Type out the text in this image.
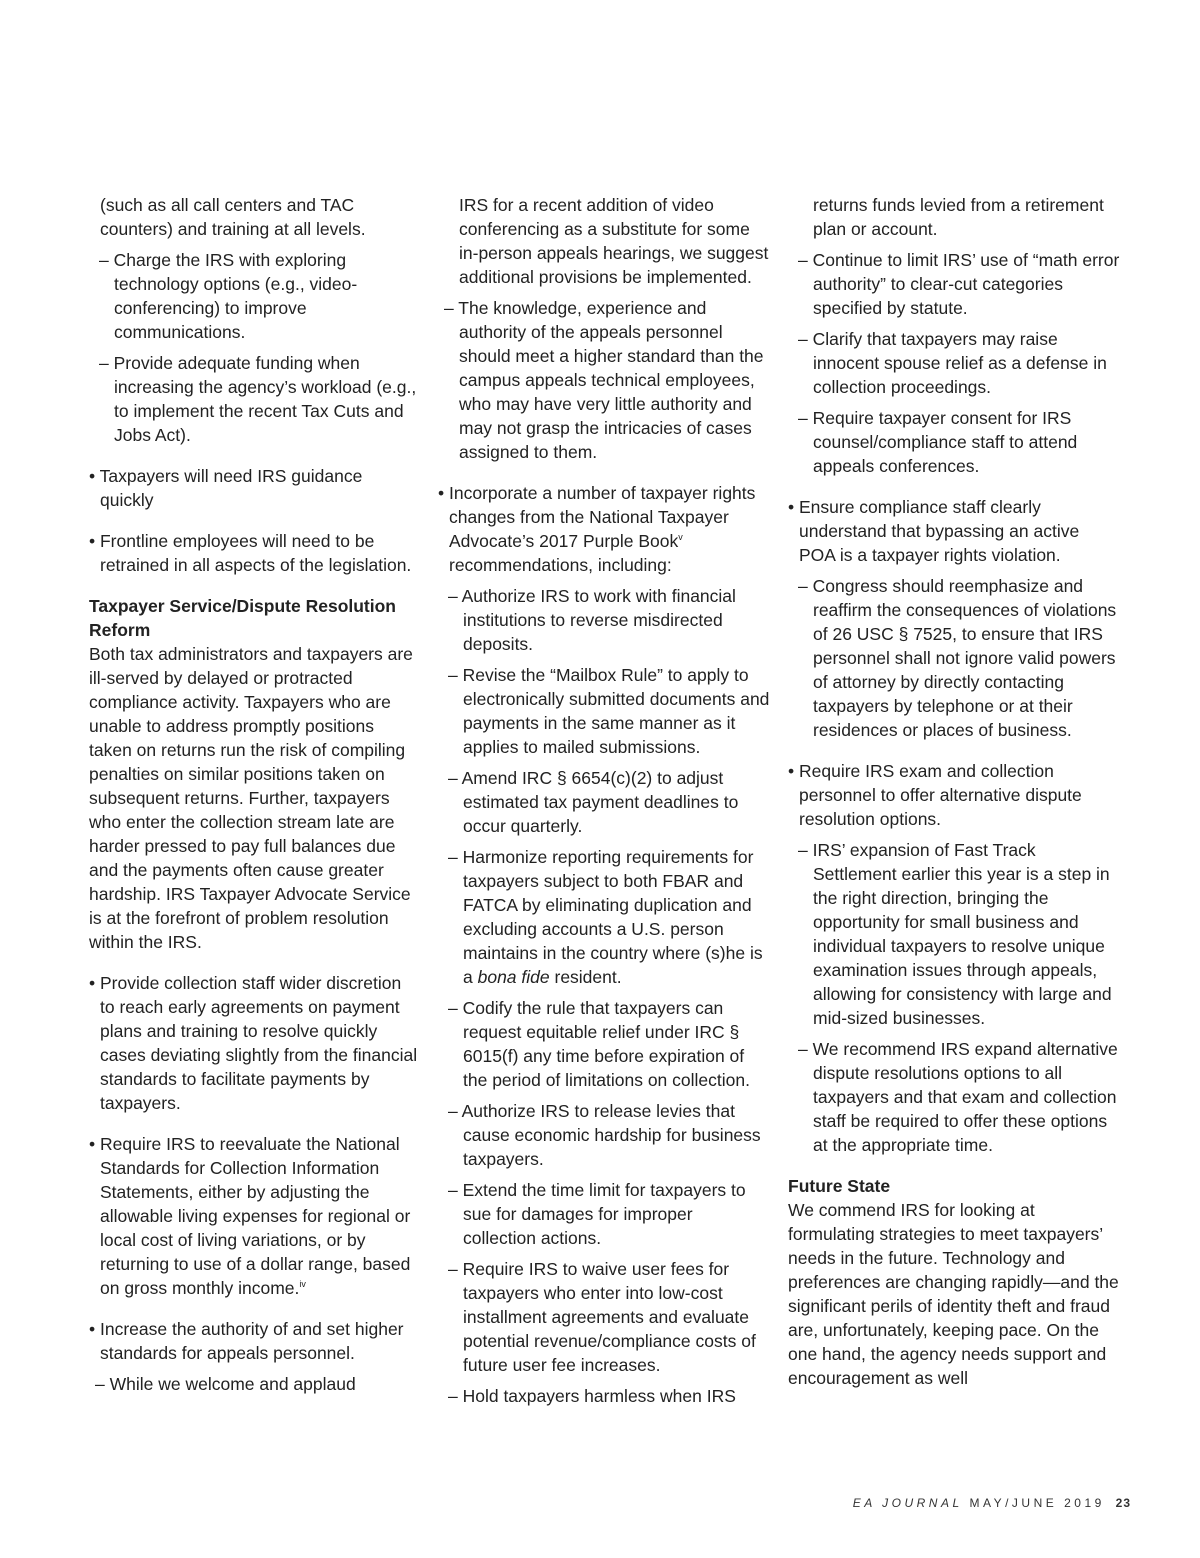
(such as all call centers and TAC counters) and training at all levels.

– Charge the IRS with exploring technology options (e.g., video-conferencing) to improve communications.

– Provide adequate funding when increasing the agency’s workload (e.g., to implement the recent Tax Cuts and Jobs Act).

• Taxpayers will need IRS guidance quickly

• Frontline employees will need to be retrained in all aspects of the legislation.

Taxpayer Service/Dispute Resolution Reform

Both tax administrators and taxpayers are ill-served by delayed or protracted compliance activity. Taxpayers who are unable to address promptly positions taken on returns run the risk of compiling penalties on similar positions taken on subsequent returns. Further, taxpayers who enter the collection stream late are harder pressed to pay full balances due and the payments often cause greater hardship. IRS Taxpayer Advocate Service is at the forefront of problem resolution within the IRS.

• Provide collection staff wider discretion to reach early agreements on payment plans and training to resolve quickly cases deviating slightly from the financial standards to facilitate payments by taxpayers.

• Require IRS to reevaluate the National Standards for Collection Information Statements, either by adjusting the allowable living expenses for regional or local cost of living variations, or by returning to use of a dollar range, based on gross monthly income.$^{iv}$

• Increase the authority of and set higher standards for appeals personnel.

– While we welcome and applaud

IRS for a recent addition of video conferencing as a substitute for some in-person appeals hearings, we suggest additional provisions be implemented.

– The knowledge, experience and authority of the appeals personnel should meet a higher standard than the campus appeals technical employees, who may have very little authority and may not grasp the intricacies of cases assigned to them.

• Incorporate a number of taxpayer rights changes from the National Taxpayer Advocate’s 2017 Purple Book$^v$ recommendations, including:

– Authorize IRS to work with financial institutions to reverse misdirected deposits.

– Revise the “Mailbox Rule” to apply to electronically submitted documents and payments in the same manner as it applies to mailed submissions.

– Amend IRC § 6654(c)(2) to adjust estimated tax payment deadlines to occur quarterly.

– Harmonize reporting requirements for taxpayers subject to both FBAR and FATCA by eliminating duplication and excluding accounts a U.S. person maintains in the country where (s)he is a bona fide resident.

– Codify the rule that taxpayers can request equitable relief under IRC § 6015(f) any time before expiration of the period of limitations on collection.

– Authorize IRS to release levies that cause economic hardship for business taxpayers.

– Extend the time limit for taxpayers to sue for damages for improper collection actions.

– Require IRS to waive user fees for taxpayers who enter into low-cost installment agreements and evaluate potential revenue/compliance costs of future user fee increases.

– Hold taxpayers harmless when IRS

returns funds levied from a retirement plan or account.

– Continue to limit IRS’ use of “math error authority” to clear-cut categories specified by statute.

– Clarify that taxpayers may raise innocent spouse relief as a defense in collection proceedings.

– Require taxpayer consent for IRS counsel/compliance staff to attend appeals conferences.

• Ensure compliance staff clearly understand that bypassing an active POA is a taxpayer rights violation.

– Congress should reemphasize and reaffirm the consequences of violations of 26 USC § 7525, to ensure that IRS personnel shall not ignore valid powers of attorney by directly contacting taxpayers by telephone or at their residences or places of business.

• Require IRS exam and collection personnel to offer alternative dispute resolution options.

– IRS’ expansion of Fast Track Settlement earlier this year is a step in the right direction, bringing the opportunity for small business and individual taxpayers to resolve unique examination issues through appeals, allowing for consistency with large and mid-sized businesses.

– We recommend IRS expand alternative dispute resolutions options to all taxpayers and that exam and collection staff be required to offer these options at the appropriate time.

Future State

We commend IRS for looking at formulating strategies to meet taxpayers’ needs in the future. Technology and preferences are changing rapidly—and the significant perils of identity theft and fraud are, unfortunately, keeping pace. On the one hand, the agency needs support and encouragement as well

EA JOURNAL MAY/JUNE 2019 23
